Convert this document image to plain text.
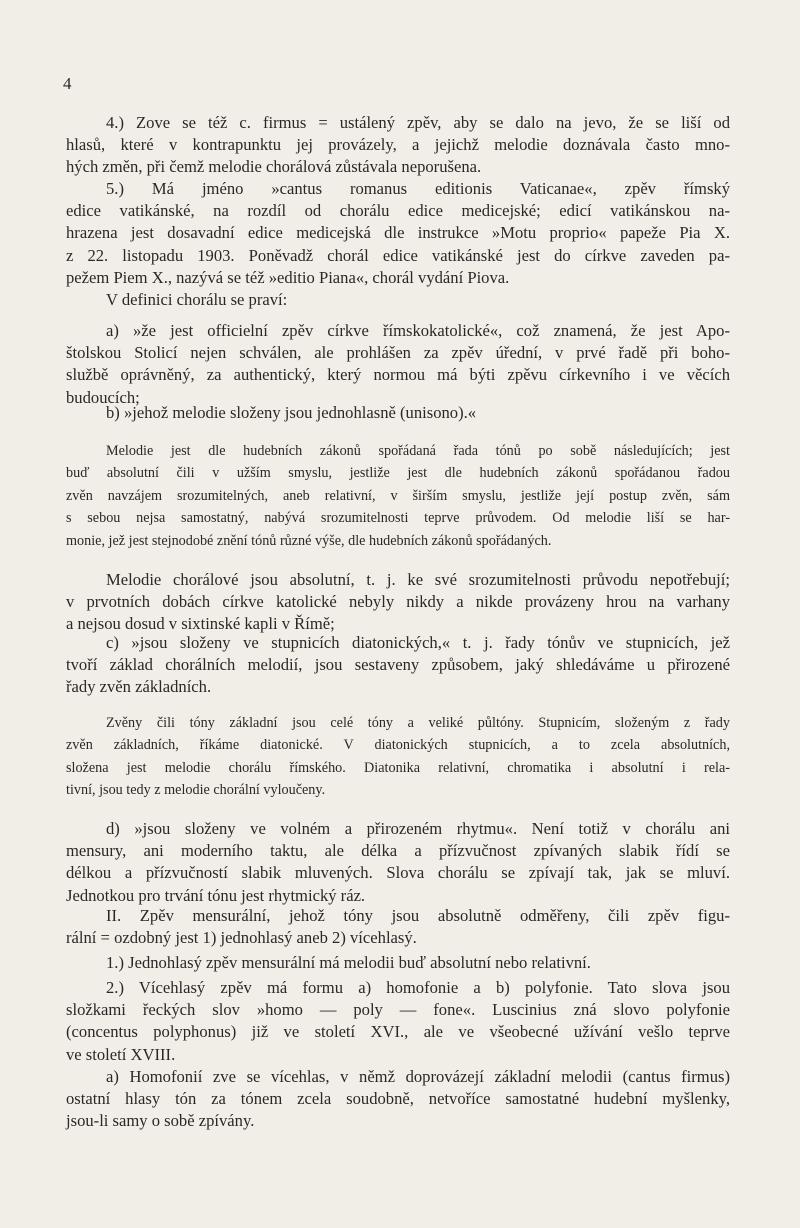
4
4.) Zove se též c. firmus = ustálený zpěv, aby se dalo na jevo, že se liší od
hlasů, které v kontrapunktu jej provázely, a jejichž melodie doznávala často mno-
hých změn, při čemž melodie chorálová zůstávala neporušena.
5.) Má jméno »cantus romanus editionis Vaticanae«, zpěv římský
edice vatikánské, na rozdíl od chorálu edice medicejské; edicí vatikánskou na-
hrazena jest dosavadní edice medicejská dle instrukce »Motu proprio« papeže Pia X.
z 22. listopadu 1903. Poněvadž chorál edice vatikánské jest do církve zaveden pa-
pežem Piem X., nazývá se též »editio Piana«, chorál vydání Piova.
V definici chorálu se praví:
a) »že jest officielní zpěv církve římskokatolické«, což znamená, že jest Apo-
štolskou Stolicí nejen schválen, ale prohlášen za zpěv úřední, v prvé řadě při boho-
službě oprávněný, za authentický, který normou má býti zpěvu církevního i ve věcích
budoucích;
b) »jehož melodie složeny jsou jednohlasně (unisono).«
Melodie jest dle hudebních zákonů spořádaná řada tónů po sobě následujících; jest
buď absolutní čili v užším smyslu, jestliže jest dle hudebních zákonů spořádanou řadou
zvěn navzájem srozumitelných, aneb relativní, v širším smyslu, jestliže její postup zvěn, sám
s sebou nejsa samostatný, nabývá srozumitelnosti teprve průvodem. Od melodie liší se har-
monie, jež jest stejnodobé znění tónů různé výše, dle hudebních zákonů spořádaných.
Melodie chorálové jsou absolutní, t. j. ke své srozumitelnosti průvodu nepotřebují;
v prvotních dobách církve katolické nebyly nikdy a nikde provázeny hrou na varhany
a nejsou dosud v sixtinské kapli v Římě;
c) »jsou složeny ve stupnicích diatonických,« t. j. řady tónův ve stupnicích, jež
tvoří základ chorálních melodií, jsou sestaveny způsobem, jaký shledáváme u přirozené
řady zvěn základních.
Zvěny čili tóny základní jsou celé tóny a veliké půltóny. Stupnicím, složeným z řady
zvěn základních, říkáme diatonické. V diatonických stupnicích, a to zcela absolutních,
složena jest melodie chorálu římského. Diatonika relativní, chromatika i absolutní i rela-
tivní, jsou tedy z melodie chorální vyloučeny.
d) »jsou složeny ve volném a přirozeném rhytmu«. Není totiž v chorálu ani
mensury, ani moderního taktu, ale délka a přízvučnost zpívaných slabik řídí se
délkou a přízvučností slabik mluvených. Slova chorálu se zpívají tak, jak se mluví.
Jednotkou pro trvání tónu jest rhytmický ráz.
II. Zpěv mensurální, jehož tóny jsou absolutně odměřeny, čili zpěv figu-
rální = ozdobný jest 1) jednohlasý aneb 2) vícehlasý.
1.) Jednohlasý zpěv mensurální má melodii buď absolutní nebo relativní.
2.) Vícehlasý zpěv má formu a) homofonie a b) polyfonie. Tato slova jsou
složkami řeckých slov »homo — poly — fone«. Luscinius zná slovo polyfonie
(concentus polyphonus) již ve století XVI., ale ve všeobecné užívání vešlo teprve
ve století XVIII.
a) Homofonií zve se vícehlas, v němž doprovázejí základní melodii (cantus firmus)
ostatní hlasy tón za tónem zcela soudobně, netvoříce samostatné hudební myšlenky,
jsou-li samy o sobě zpívány.
